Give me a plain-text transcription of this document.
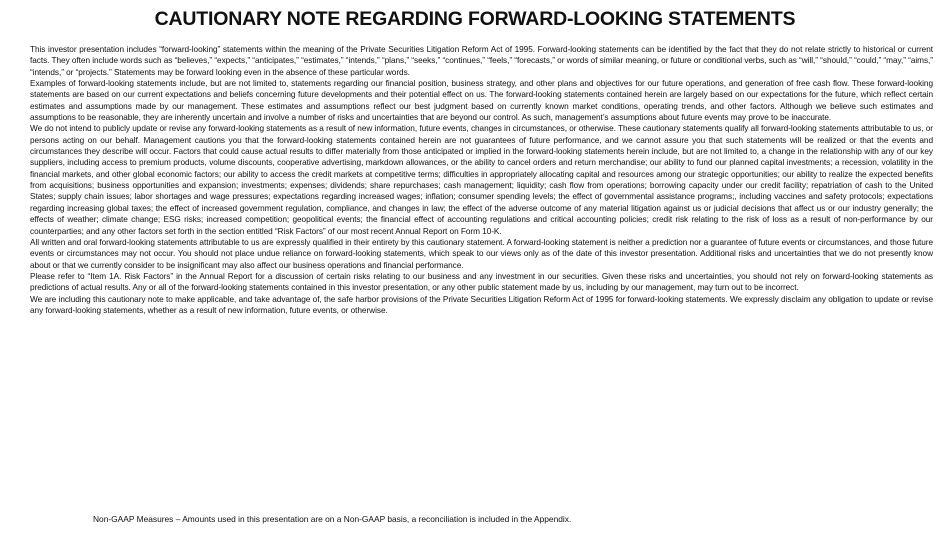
CAUTIONARY NOTE REGARDING FORWARD-LOOKING STATEMENTS

This investor presentation includes “forward-looking” statements within the meaning of the Private Securities Litigation Reform Act of 1995. Forward-looking statements can be identified by the fact that they do not relate strictly to historical or current facts. They often include words such as “believes,” “expects,” “anticipates,” “estimates,” “intends,” “plans,” “seeks,” “continues,” “feels,” “forecasts,” or words of similar meaning, or future or conditional verbs, such as “will,” “should,” “could,” “may,” “aims,” “intends,” or “projects.” Statements may be forward looking even in the absence of these particular words.

Examples of forward-looking statements include, but are not limited to, statements regarding our financial position, business strategy, and other plans and objectives for our future operations, and generation of free cash flow. These forward-looking statements are based on our current expectations and beliefs concerning future developments and their potential effect on us. The forward-looking statements contained herein are largely based on our expectations for the future, which reflect certain estimates and assumptions made by our management. These estimates and assumptions reflect our best judgment based on currently known market conditions, operating trends, and other factors. Although we believe such estimates and assumptions to be reasonable, they are inherently uncertain and involve a number of risks and uncertainties that are beyond our control. As such, management’s assumptions about future events may prove to be inaccurate.

We do not intend to publicly update or revise any forward-looking statements as a result of new information, future events, changes in circumstances, or otherwise. These cautionary statements qualify all forward-looking statements attributable to us, or persons acting on our behalf. Management cautions you that the forward-looking statements contained herein are not guarantees of future performance, and we cannot assure you that such statements will be realized or that the events and circumstances they describe will occur. Factors that could cause actual results to differ materially from those anticipated or implied in the forward-looking statements herein include, but are not limited to, a change in the relationship with any of our key suppliers, including access to premium products, volume discounts, cooperative advertising, markdown allowances, or the ability to cancel orders and return merchandise; our ability to fund our planned capital investments; a recession, volatility in the financial markets, and other global economic factors; our ability to access the credit markets at competitive terms; difficulties in appropriately allocating capital and resources among our strategic opportunities; our ability to realize the expected benefits from acquisitions; business opportunities and expansion; investments; expenses; dividends; share repurchases; cash management; liquidity; cash flow from operations; borrowing capacity under our credit facility; repatriation of cash to the United States; supply chain issues; labor shortages and wage pressures; expectations regarding increased wages; inflation; consumer spending levels; the effect of governmental assistance programs;, including vaccines and safety protocols; expectations regarding increasing global taxes; the effect of increased government regulation, compliance, and changes in law; the effect of the adverse outcome of any material litigation against us or judicial decisions that affect us or our industry generally; the effects of weather; climate change; ESG risks; increased competition; geopolitical events; the financial effect of accounting regulations and critical accounting policies; credit risk relating to the risk of loss as a result of non-performance by our counterparties; and any other factors set forth in the section entitled “Risk Factors” of our most recent Annual Report on Form 10-K.

All written and oral forward-looking statements attributable to us are expressly qualified in their entirety by this cautionary statement. A forward-looking statement is neither a prediction nor a guarantee of future events or circumstances, and those future events or circumstances may not occur. You should not place undue reliance on forward-looking statements, which speak to our views only as of the date of this investor presentation. Additional risks and uncertainties that we do not presently know about or that we currently consider to be insignificant may also affect our business operations and financial performance.

Please refer to “Item 1A. Risk Factors” in the Annual Report for a discussion of certain risks relating to our business and any investment in our securities. Given these risks and uncertainties, you should not rely on forward-looking statements as predictions of actual results. Any or all of the forward-looking statements contained in this investor presentation, or any other public statement made by us, including by our management, may turn out to be incorrect.

We are including this cautionary note to make applicable, and take advantage of, the safe harbor provisions of the Private Securities Litigation Reform Act of 1995 for forward-looking statements. We expressly disclaim any obligation to update or revise any forward-looking statements, whether as a result of new information, future events, or otherwise.

Non-GAAP Measures – Amounts used in this presentation are on a Non-GAAP basis, a reconciliation is included in the Appendix.
